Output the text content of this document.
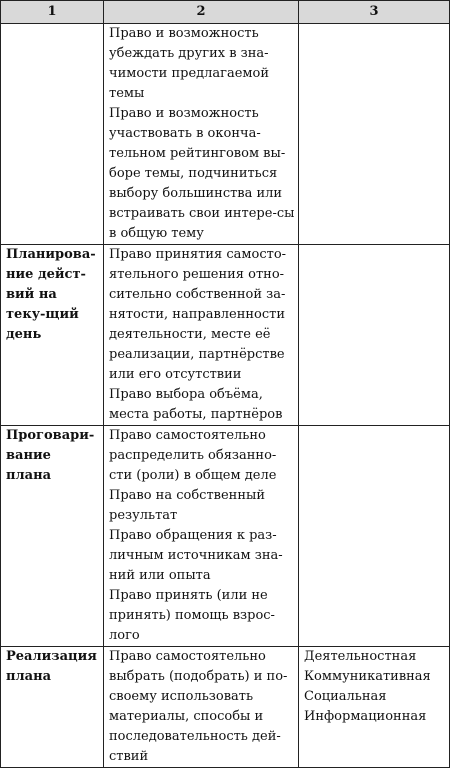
1	2	3

	Право и возможность убеждать других в зна-чимости предлагаемой темы
Право и возможность участвовать в оконча-тельном рейтинговом вы-боре темы, подчиниться выбору большинства или встраивать свои интере-сы в общую тему	

Планирова-ние дейст-вий на теку-щий день	Право принятия самосто-ятельного решения отно-сительно собственной за-нятости, направленности деятельности, месте её реализации, партнёрстве или его отсутствии
Право выбора объёма, места работы, партнёров	

Проговари-вание плана	Право самостоятельно распределить обязанно-сти (роли) в общем деле
Право на собственный результат
Право обращения к раз-личным источникам зна-ний или опыта
Право принять (или не принять) помощь взрос-лого	

Реализация плана	Право самостоятельно выбрать (подобрать) и по-своему использовать материалы, способы и последовательность дей-ствий	Деятельностная
Коммуникативная
Социальная
Информационная
